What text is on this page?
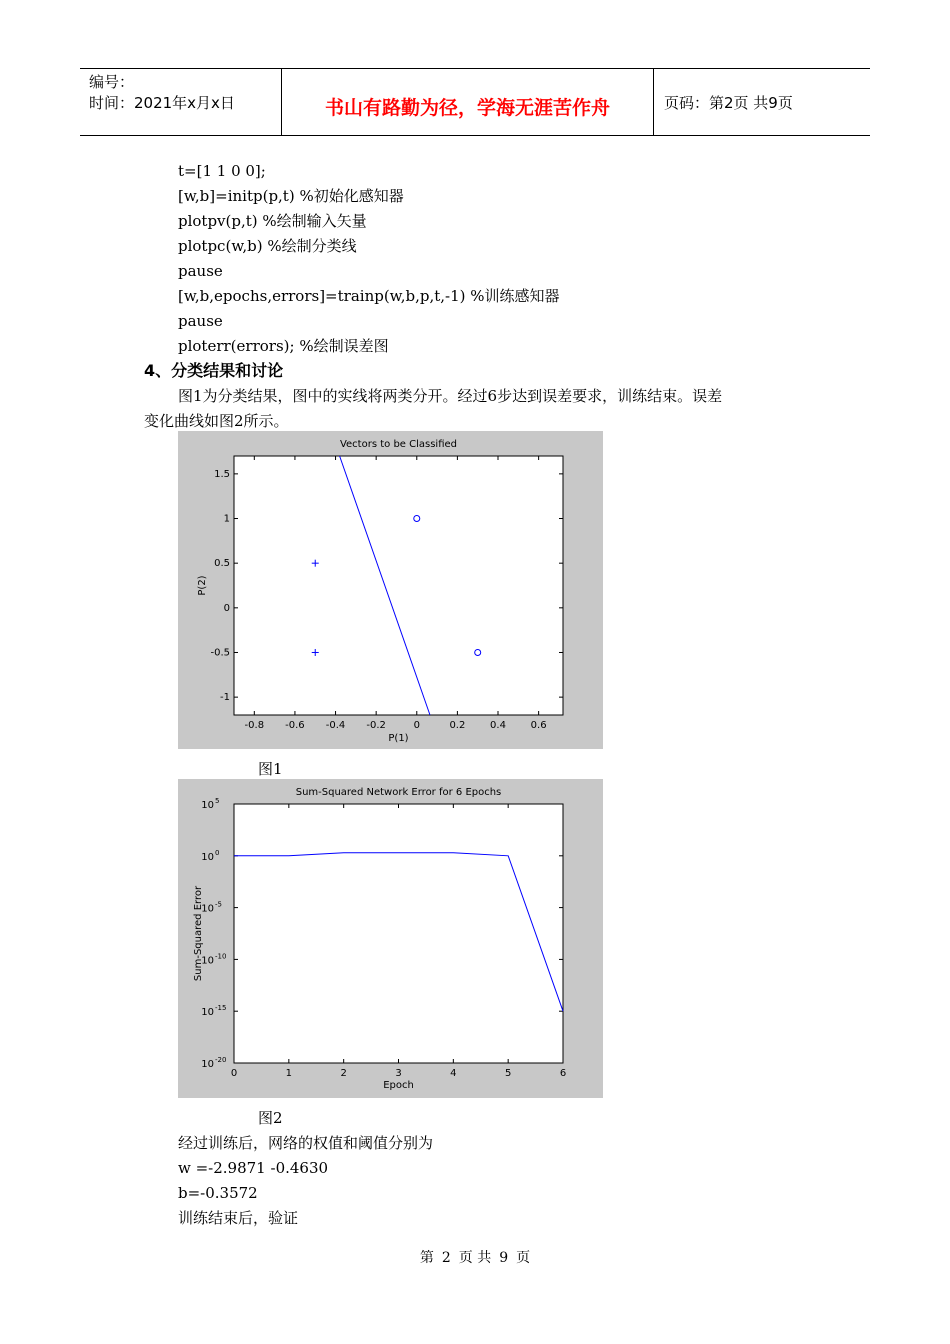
编号：
时间：2021年x月x日	书山有路勤为径，学海无涯苦作舟	页码：第2页 共9页
t=[1 1 0 0];
[w,b]=initp(p,t) %初始化感知器
plotpv(p,t) %绘制输入矢量
plotpc(w,b) %绘制分类线
pause
[w,b,epochs,errors]=trainp(w,b,p,t,-1) %训练感知器
pause
ploterr(errors); %绘制误差图
4、分类结果和讨论
图1为分类结果，图中的实线将两类分开。经过6步达到误差要求，训练结束。误差
变化曲线如图2所示。
Vectors to be Classified
P(1)
P(2)
-0.8 -0.6 -0.4 -0.2	0	0.2 0.4 0.6
-1
-0.5
0
0.5
1
1.5
图1
Sum-Squared Network Error for 6 Epochs
Epoch
Sum-Squared Error
0	1	2	3	4	5	6
10 5
10 0
10 -5
10 -10
10 -15
10 -20
图2
经过训练后，网络的权值和阈值分别为
w =-2.9871 -0.4630
b=-0.3572
训练结束后，验证
第 2 页 共 9 页
